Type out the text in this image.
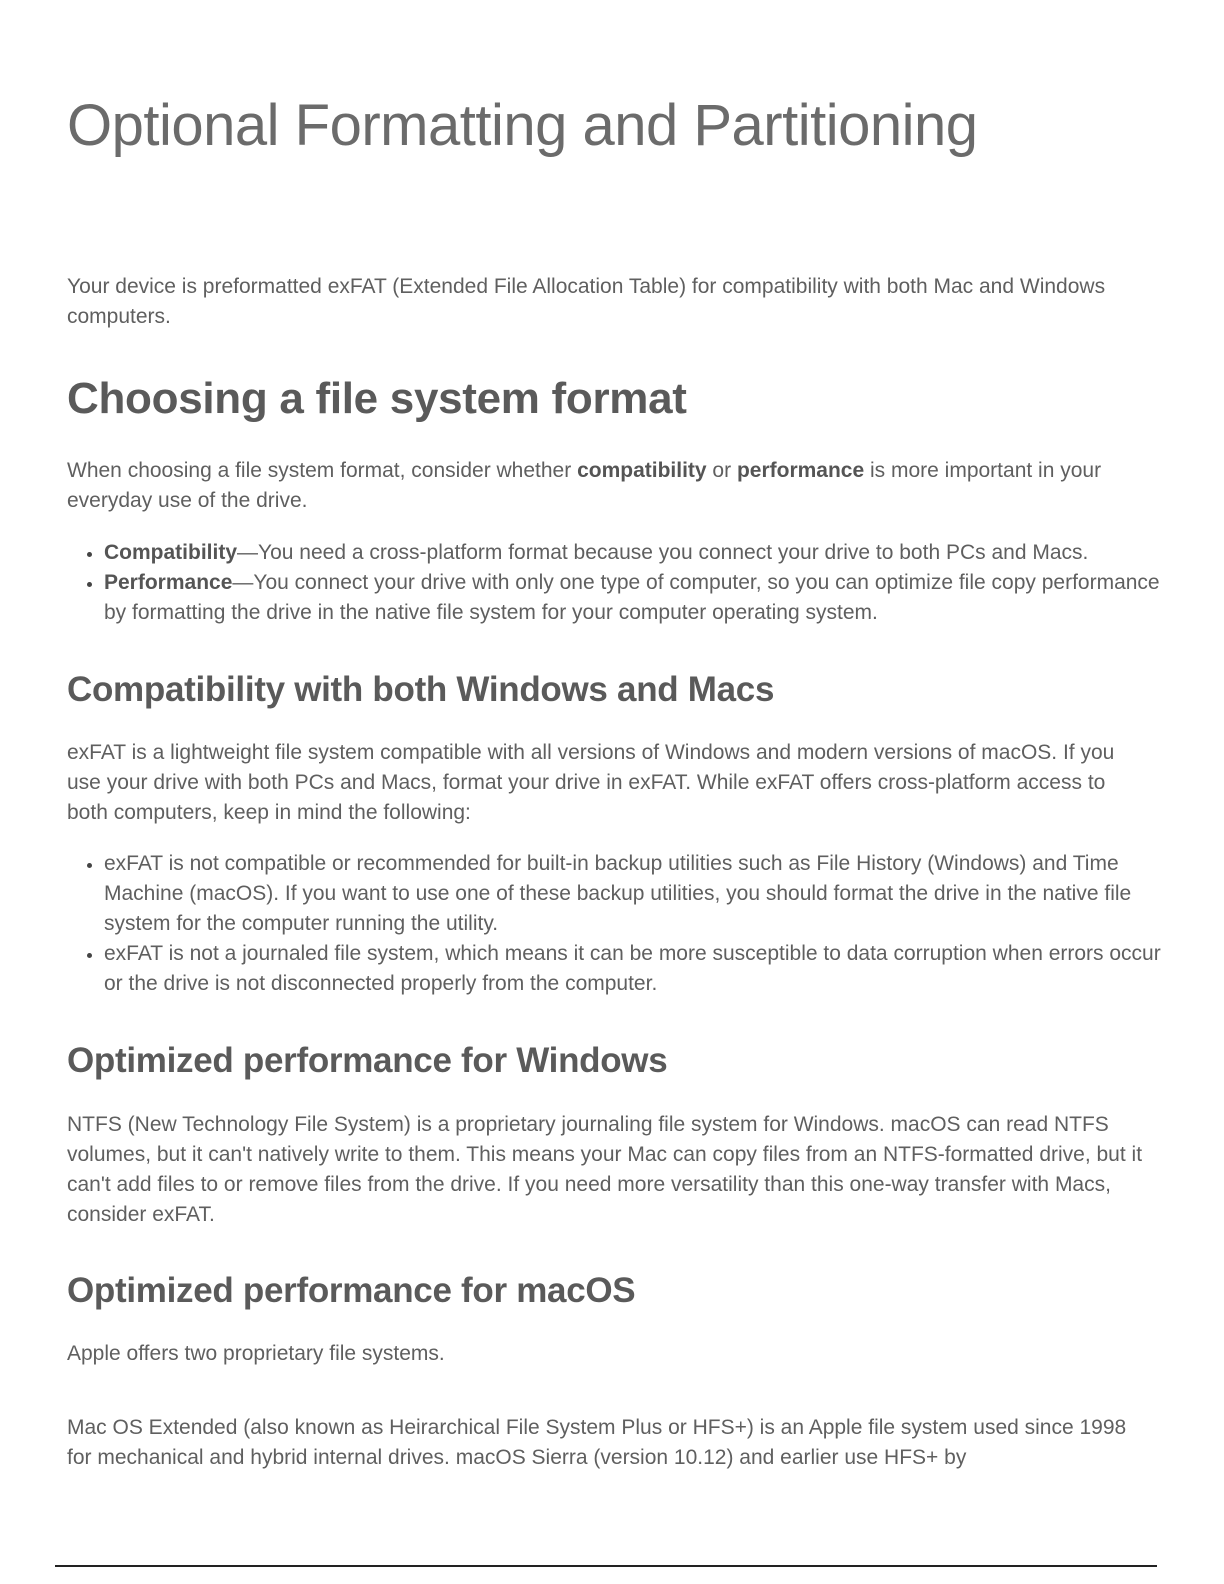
Optional Formatting and Partitioning

Your device is preformatted exFAT (Extended File Allocation Table) for compatibility with both Mac and Windows computers.

Choosing a file system format

When choosing a file system format, consider whether compatibility or performance is more important in your everyday use of the drive.

• Compatibility—You need a cross-platform format because you connect your drive to both PCs and Macs.
• Performance—You connect your drive with only one type of computer, so you can optimize file copy performance by formatting the drive in the native file system for your computer operating system.
Compatibility with both Windows and Macs

exFAT is a lightweight file system compatible with all versions of Windows and modern versions of macOS. If you use your drive with both PCs and Macs, format your drive in exFAT. While exFAT offers cross-platform access to both computers, keep in mind the following:

• exFAT is not compatible or recommended for built-in backup utilities such as File History (Windows) and Time Machine (macOS). If you want to use one of these backup utilities, you should format the drive in the native file system for the computer running the utility.
• exFAT is not a journaled file system, which means it can be more susceptible to data corruption when errors occur or the drive is not disconnected properly from the computer.
Optimized performance for Windows

NTFS (New Technology File System) is a proprietary journaling file system for Windows. macOS can read NTFS volumes, but it can't natively write to them. This means your Mac can copy files from an NTFS-formatted drive, but it can't add files to or remove files from the drive. If you need more versatility than this one-way transfer with Macs, consider exFAT.

Optimized performance for macOS

Apple offers two proprietary file systems.

Mac OS Extended (also known as Heirarchical File System Plus or HFS+) is an Apple file system used since 1998 for mechanical and hybrid internal drives. macOS Sierra (version 10.12) and earlier use HFS+ by
